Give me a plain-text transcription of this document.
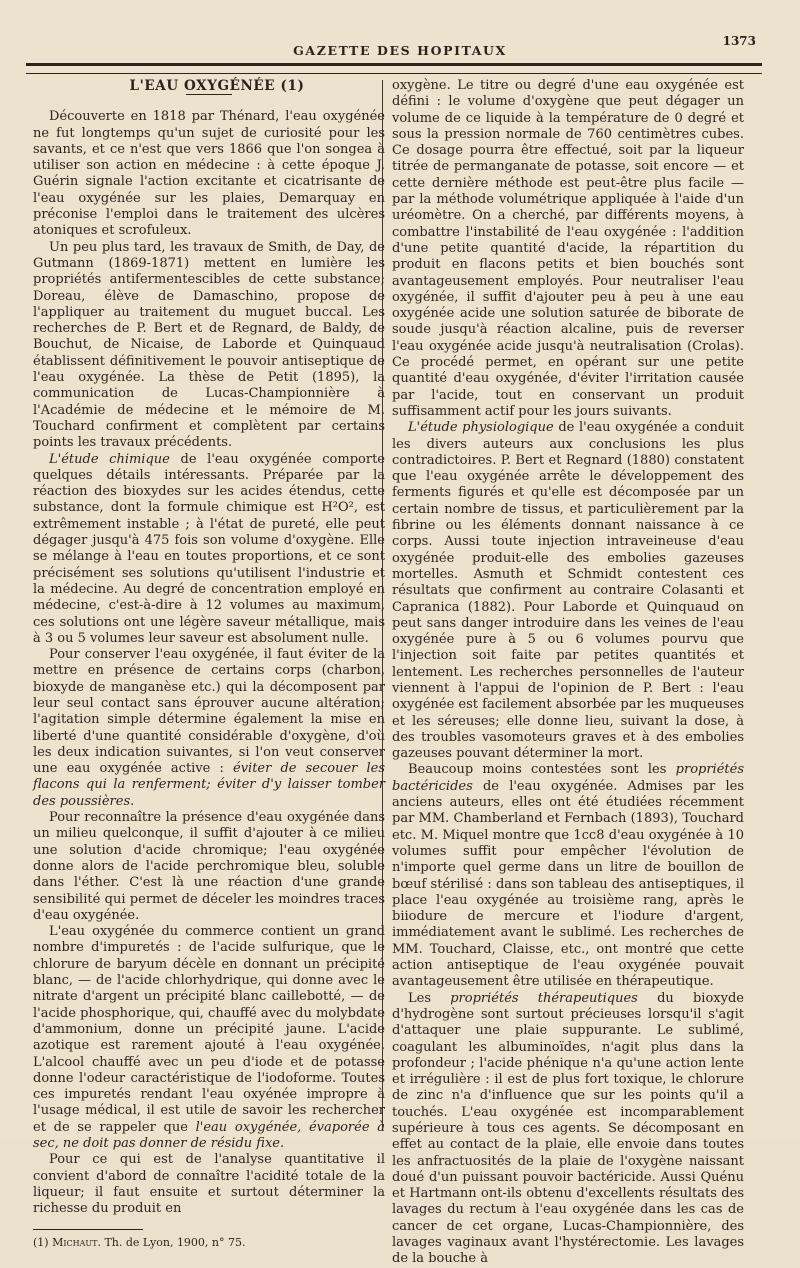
GAZETTE DES HOPITAUX
1373

L'EAU OXYGÉNÉE (1)

Découverte en 1818 par Thénard, l'eau oxygénée ne fut longtemps qu'un sujet de curiosité pour les savants, et ce n'est que vers 1866 que l'on songea à utiliser son action en médecine : à cette époque J. Guérin signale l'action excitante et cicatrisante de l'eau oxygénée sur les plaies, Demarquay en préconise l'emploi dans le traitement des ulcères atoniques et scrofuleux.

Un peu plus tard, les travaux de Smith, de Day, de Gutmann (1869-1871) mettent en lumière les propriétés antifermentescibles de cette substance; Doreau, élève de Damaschino, propose de l'appliquer au traitement du muguet buccal. Les recherches de P. Bert et de Regnard, de Baldy, de Bouchut, de Nicaise, de Laborde et Quinquaud établissent définitivement le pouvoir antiseptique de l'eau oxygénée. La thèse de Petit (1895), la communication de Lucas-Championnière à l'Académie de médecine et le mémoire de M. Touchard confirment et complètent par certains points les travaux précédents.

L'étude chimique de l'eau oxygénée comporte quelques détails intéressants. Préparée par la réaction des bioxydes sur les acides étendus, cette substance, dont la formule chimique est H²O², est extrêmement instable ; à l'état de pureté, elle peut dégager jusqu'à 475 fois son volume d'oxygène. Elle se mélange à l'eau en toutes proportions, et ce sont précisément ses solutions qu'utilisent l'industrie et la médecine. Au degré de concentration employé en médecine, c'est-à-dire à 12 volumes au maximum, ces solutions ont une légère saveur métallique, mais à 3 ou 5 volumes leur saveur est absolument nulle.

Pour conserver l'eau oxygénée, il faut éviter de la mettre en présence de certains corps (charbon, bioxyde de manganèse etc.) qui la décomposent par leur seul contact sans éprouver aucune altération; l'agitation simple détermine également la mise en liberté d'une quantité considérable d'oxygène, d'où les deux indication suivantes, si l'on veut conserver une eau oxygénée active : éviter de secouer les flacons qui la renferment; éviter d'y laisser tomber des poussières.

Pour reconnaître la présence d'eau oxygénée dans un milieu quelconque, il suffit d'ajouter à ce milieu une solution d'acide chromique; l'eau oxygénée donne alors de l'acide perchromique bleu, soluble dans l'éther. C'est là une réaction d'une grande sensibilité qui permet de déceler les moindres traces d'eau oxygénée.

L'eau oxygénée du commerce contient un grand nombre d'impuretés : de l'acide sulfurique, que le chlorure de baryum décèle en donnant un précipité blanc, — de l'acide chlorhydrique, qui donne avec le nitrate d'argent un précipité blanc caillebotté, — de l'acide phosphorique, qui, chauffé avec du molybdate d'ammonium, donne un précipité jaune. L'acide azotique est rarement ajouté à l'eau oxygénée. L'alcool chauffé avec un peu d'iode et de potasse donne l'odeur caractéristique de l'iodoforme. Toutes ces impuretés rendant l'eau oxyénée impropre à l'usage médical, il est utile de savoir les rechercher et de se rappeler que l'eau oxygénée, évaporée à sec, ne doit pas donner de résidu fixe.

Pour ce qui est de l'analyse quantitative il convient d'abord de connaître l'acidité totale de la liqueur; il faut ensuite et surtout déterminer la richesse du produit en

(1) Michaut. Th. de Lyon, 1900, n° 75.

oxygène. Le titre ou degré d'une eau oxygénée est défini : le volume d'oxygène que peut dégager un volume de ce liquide à la température de 0 degré et sous la pression normale de 760 centimètres cubes. Ce dosage pourra être effectué, soit par la liqueur titrée de permanganate de potasse, soit encore — et cette dernière méthode est peut-être plus facile — par la méthode volumétrique appliquée à l'aide d'un uréomètre. On a cherché, par différents moyens, à combattre l'instabilité de l'eau oxygénée : l'addition d'une petite quantité d'acide, la répartition du produit en flacons petits et bien bouchés sont avantageusement employés. Pour neutraliser l'eau oxygénée, il suffit d'ajouter peu à peu à une eau oxygénée acide une solution saturée de biborate de soude jusqu'à réaction alcaline, puis de reverser l'eau oxygénée acide jusqu'à neutralisation (Crolas). Ce procédé permet, en opérant sur une petite quantité d'eau oxygénée, d'éviter l'irritation causée par l'acide, tout en conservant un produit suffisamment actif pour les jours suivants.

L'étude physiologique de l'eau oxygénée a conduit les divers auteurs aux conclusions les plus contradictoires. P. Bert et Regnard (1880) constatent que l'eau oxygénée arrête le développement des ferments figurés et qu'elle est décomposée par un certain nombre de tissus, et particulièrement par la fibrine ou les éléments donnant naissance à ce corps. Aussi toute injection intraveineuse d'eau oxygénée produit-elle des embolies gazeuses mortelles. Asmuth et Schmidt contestent ces résultats que confirment au contraire Colasanti et Capranica (1882). Pour Laborde et Quinquaud on peut sans danger introduire dans les veines de l'eau oxygénée pure à 5 ou 6 volumes pourvu que l'injection soit faite par petites quantités et lentement. Les recherches personnelles de l'auteur viennent à l'appui de l'opinion de P. Bert : l'eau oxygénée est facilement absorbée par les muqueuses et les séreuses; elle donne lieu, suivant la dose, à des troubles vasomoteurs graves et à des embolies gazeuses pouvant déterminer la mort.

Beaucoup moins contestées sont les propriétés bactéricides de l'eau oxygénée. Admises par les anciens auteurs, elles ont été étudiées récemment par MM. Chamberland et Fernbach (1893), Touchard etc. M. Miquel montre que 1cc8 d'eau oxygénée à 10 volumes suffit pour empêcher l'évolution de n'importe quel germe dans un litre de bouillon de bœuf stérilisé : dans son tableau des antiseptiques, il place l'eau oxygénée au troisième rang, après le biiodure de mercure et l'iodure d'argent, immédiatement avant le sublimé. Les recherches de MM. Touchard, Claisse, etc., ont montré que cette action antiseptique de l'eau oxygénée pouvait avantageusement être utilisée en thérapeutique.

Les propriétés thérapeutiques du bioxyde d'hydrogène sont surtout précieuses lorsqu'il s'agit d'attaquer une plaie suppurante. Le sublimé, coagulant les albuminoïdes, n'agit plus dans la profondeur ; l'acide phénique n'a qu'une action lente et irrégulière : il est de plus fort toxique, le chlorure de zinc n'a d'influence que sur les points qu'il a touchés. L'eau oxygénée est incomparablement supérieure à tous ces agents. Se décomposant en effet au contact de la plaie, elle envoie dans toutes les anfractuosités de la plaie de l'oxygène naissant doué d'un puissant pouvoir bactéricide. Aussi Quénu et Hartmann ont-ils obtenu d'excellents résultats des lavages du rectum à l'eau oxygénée dans les cas de cancer de cet organe, Lucas-Championnière, des lavages vaginaux avant l'hystérectomie. Les lavages de la bouche à
